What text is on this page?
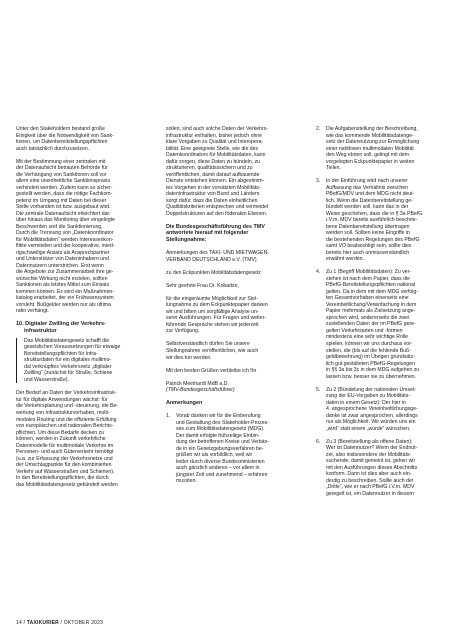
Unter den Stakeholdern bestand große
Einigkeit über die Notwendigkeit von Sank-
tionen, um Datenbereitstellungspflichten
auch tatsächlich durchzusetzen.

Mit der Bestimmung einer zentralen mit
der Datenaufsicht betrauten Behörde für
die Verhängung von Sanktionen soll vor
allem eine uneinheitliche Sanktionspraxis
verhindert werden. Zudem kann so sicher-
gestellt werden, dass die nötige Fachkom-
petenz im Umgang mit Daten bei dieser
Stelle vorhanden ist bzw. ausgebaut wird.
Die zentrale Datenaufsicht erleichtert dar-
über hinaus das Monitoring über eingelegte
Beschwerden und die Sanktionierung.
Durch die Trennung von „Datenkoordinator
für Mobilitätsdaten“ werden Interessenkon-
flikte vermieden und der kooperative, mied-
rigschwellige Ansatz als Ansprechpartner
und Unterstützer von Dateninhabern und
Datennutzern unterstrichen. Erst wenn
die Angebote zur Zusammenarbeit ihre ge-
wünschte Wirkung nicht erzielen, sollten
Sanktionen als letztes Mittel zum Einsatz
kommen können. Es wird ein Maßnahmen-
katalog erarbeitet, der ein Frühwarnsystem
vorsieht. Bußgelder werden nur als ultima
ratio verhängt.

10. Digitaler Zwilling der Verkehrs-
infrastruktur
Das Mobilitätsdatengesetz schafft die
gesetzlichen Voraussetzungen für etwaige
Bereitstellungspflichten für Infra-
strukturdaten für ein digitales multimo-
dal verknüpftes Verkehrsnetz „digitaler
Zwilling“ (zunächst für Straße, Schiene
und Wasserstraße).

Der Bedarf an Daten der Verkehrsinfrastruk-
tur für digitale Anwendungen wächst: für
die Verkehrsplanung und -steuerung, die Be-
wertung von Infrastrukturvorhaben, multi-
modales Routing und die effiziente Erfüllung
von europäischen und nationalen Berichts-
pflichten. Um diese Bedarfe decken zu
können, werden in Zukunft verkehrliche
Datenmodelle für multimodale Verkehre im
Personen- und auch Güterverkehr benötigt
(u.a. zur Erfassung der Verkehrsnetze und
der Umschlagpunkte für den kombinierten
Verkehr auf Wasserstraßen und Schienen).
In den Bereitstellungspflichten, die durch
das Mobilitätsdatengesetz gebündelt werden

sollen, sind auch solche Daten der Verkehrs-
infrastruktur enthalten, bisher jedoch ohne
klare Vorgaben zu Qualität und Interopera-
bilität. Eine geeignete Stelle, wie die des
Datenkoordinators für Mobilitätsdaten, kann
dafür sorgen, diese Daten zu bündeln, zu
strukturieren, qualitätsssichern und zu
veröffentlichen, damit darauf aufbauende
Dienste entstehen können. Ein abgestimm-
tes Vorgehen in der vorsätzten Mobilitäts-
dateninfrastruktur von Bund und Ländern
sorgt dafür, dass die Daten einheitlichen
Qualitätskriterien entsprechen und vermeidet
Doppelstrukturen auf den föderalen Ebenen.

Die Bundesgeschäftsführung des TMV
antwortete hierauf mit folgender
Stellungnahme:

Anmerkungen des TAXI- UND MIETWAGEN-
VERBAND DEUTSCHLAND e.V. (TMV)

zu den Eckpunkten Mobilitätsdatengesetz

Sehr geehrte Frau Dr. Kobadze,

für die eingeräumte Möglichkeit zur Stel-
lungnahme zu dem Eckpunktepapier danken
wir und bitten um sorgfältige Analyse un-
serer Ausführungen. Für Fragen und weiter-
führende Gespräche stehen wir jederzeit
zur Verfügung.

Selbstverständlich dürfen Sie unsere
Stellungnahme veröffentlichen, wie auch
wir dies tun werden.

Mit den besten Grüßen verbleibe ich Ihr

Patrick Meinhardt MdB a.D.
(TMV-Bundesgeschäftsführer)

Anmerkungen

1. Vorab danken wir für die Einberufung
und Gestaltung des Stakeholder-Prozes-
ses zum Mobilitätsdatengesetz (MDG).
Der damit erfolgte frühzeitige Einbin-
dung der betroffenen Kreise und Verbän-
de in ein Gesetzgebungsverfahren be-
grüßen wir als vorbildlich, weil wir
leider durch diverse Bundesministerien
auch gänzlich anderes – vor allem in
jüngster Zeit und zunehmend – erfahren
mussten.
2. Die Aufgabenstellung der Beschreibung,
wie das kommende Mobilitätsdatenge-
setz der Datennutzung zur Ermöglichung
einer nahtlosen multimodalen Mobilität
den Weg ebnen soll, gelingt mit dem
vorgelegten Eckpunktepapier in weiten
Teilen.
3. In der Einführung wird nach unserer
Auffassung das Verhältnis zwischen
PBefG/MDV und dem MDG nicht deut-
lich. Wenn die Datenbereitstellung ge-
bündelt werden soll, kann das in der
Weise geschehen, dass die in § 3a PBefG
i.V.m. MDV bereits ausführlich beschrie-
bene Datenbereitstellung übertragen
werden soll. Sollten keine Eingriffe in
die bestehenden Regelungen des PBefG
samt VO beabsichtigt sein, sollte dies
bereits hier auch unmissverständlich
erwähnt werden.
4. Zu 1 (Begriff Mobilitätsdaten): Zu ver-
stehen ist nach dem Papier, dass die
PBefG-Bereitstellungspflichten national
gelten. Da in dem mit dem MDG verfolg-
ten Gesamtvorhaben einerseits eine
Vereinheitlichung/Vereinfachung in dem
Papier mehrmals als Zielsetzung ange-
sprochen wird, andererseits die zwei
zustellenden Daten der im PBefG gere-
gelten Verkehrsarten und -formen
mindestens eine sehr wichtige Rolle
spielen, können wir uns durchaus vor-
stellen, die (bis auf die fehlende Buß-
geldbewehrung) im Übrigen grundsätz-
lich gut gestalteten PBefG-Regelungen
in §§ 3a bis 3c in dem MDG aufgehen zu
lassen bzw. besser sie zu übernehmen.
5. Zu 2 (Bündelung der nationalen Umset-
zung der EU-Vorgaben zu Mobilitäts-
daten in einem Gesetz): Der hier in
4. angesprochene Vereinheitlichungsge-
danke ist zwar angesprochen, allerdings
nur als Möglichkeit. Wir würden uns ein
„wird“ statt einem „würde“ wünschen.
6. Zu 3 (Bereitstellung als offene Daten):
Wer ist Datennutzer? Wenn der Endnut-
zer, also insbesondere der Mobilitäts-
suchende, damit gemeint ist, gehen wir
mit den Ausführungen dieses Abschnitts
konform. Dann ist dies aber auch ein-
deutig zu beschreiben. Sollte auch der
„Dritte“, wie er nach PBefG i.V.m. MDV
geregelt ist, ein Datennutzer in diesem
14 / TAXIKURIER / OKTOBER 2023
